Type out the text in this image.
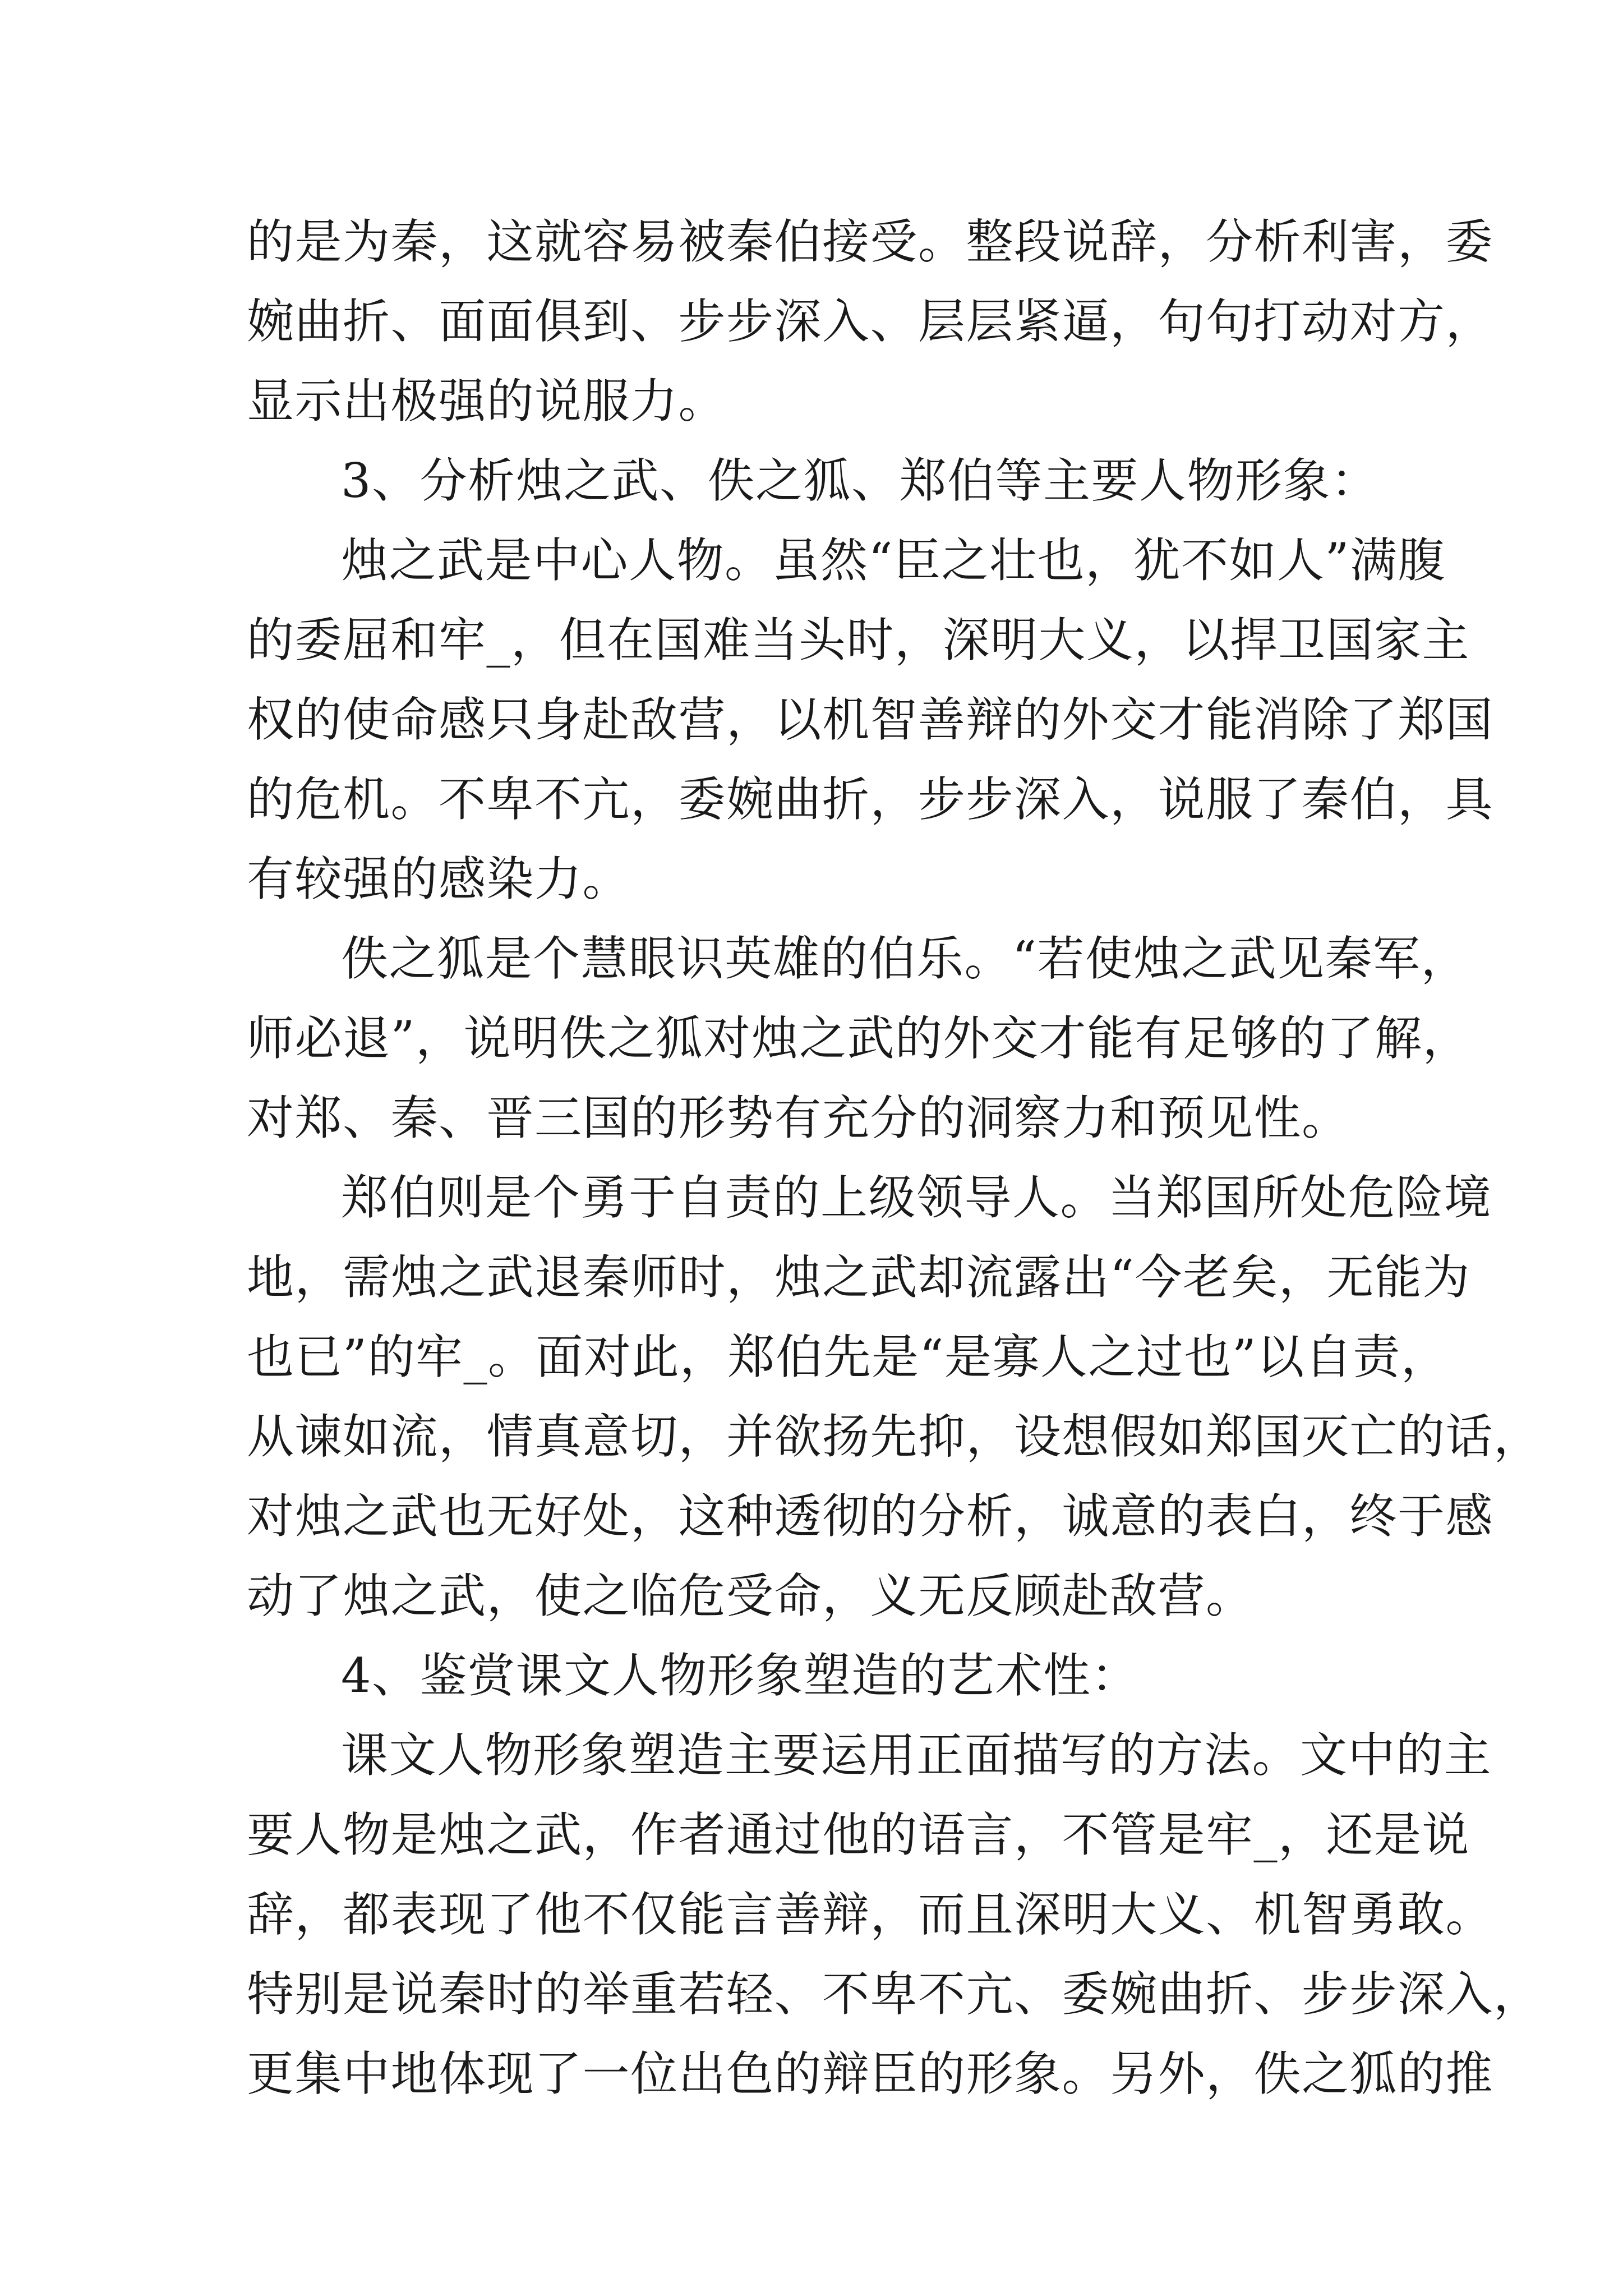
的是为秦，这就容易被秦伯接受。整段说辞，分析利害，委
婉曲折、面面俱到、步步深入、层层紧逼，句句打动对方，
显示出极强的说服力。
3、分析烛之武、佚之狐、郑伯等主要人物形象：
烛之武是中心人物。虽然“臣之壮也，犹不如人”满腹
的委屈和牢_，但在国难当头时，深明大义，以捍卫国家主
权的使命感只身赴敌营，以机智善辩的外交才能消除了郑国
的危机。不卑不亢，委婉曲折，步步深入，说服了秦伯，具
有较强的感染力。
佚之狐是个慧眼识英雄的伯乐。“若使烛之武见秦军，
师必退”，说明佚之狐对烛之武的外交才能有足够的了解，
对郑、秦、晋三国的形势有充分的洞察力和预见性。
郑伯则是个勇于自责的上级领导人。当郑国所处危险境
地，需烛之武退秦师时，烛之武却流露出“今老矣，无能为
也已”的牢_。面对此，郑伯先是“是寡人之过也”以自责，
从谏如流，情真意切，并欲扬先抑，设想假如郑国灭亡的话，
对烛之武也无好处，这种透彻的分析，诚意的表白，终于感
动了烛之武，使之临危受命，义无反顾赴敌营。
4、鉴赏课文人物形象塑造的艺术性：
课文人物形象塑造主要运用正面描写的方法。文中的主
要人物是烛之武，作者通过他的语言，不管是牢_，还是说
辞，都表现了他不仅能言善辩，而且深明大义、机智勇敢。
特别是说秦时的举重若轻、不卑不亢、委婉曲折、步步深入，
更集中地体现了一位出色的辩臣的形象。另外，佚之狐的推
